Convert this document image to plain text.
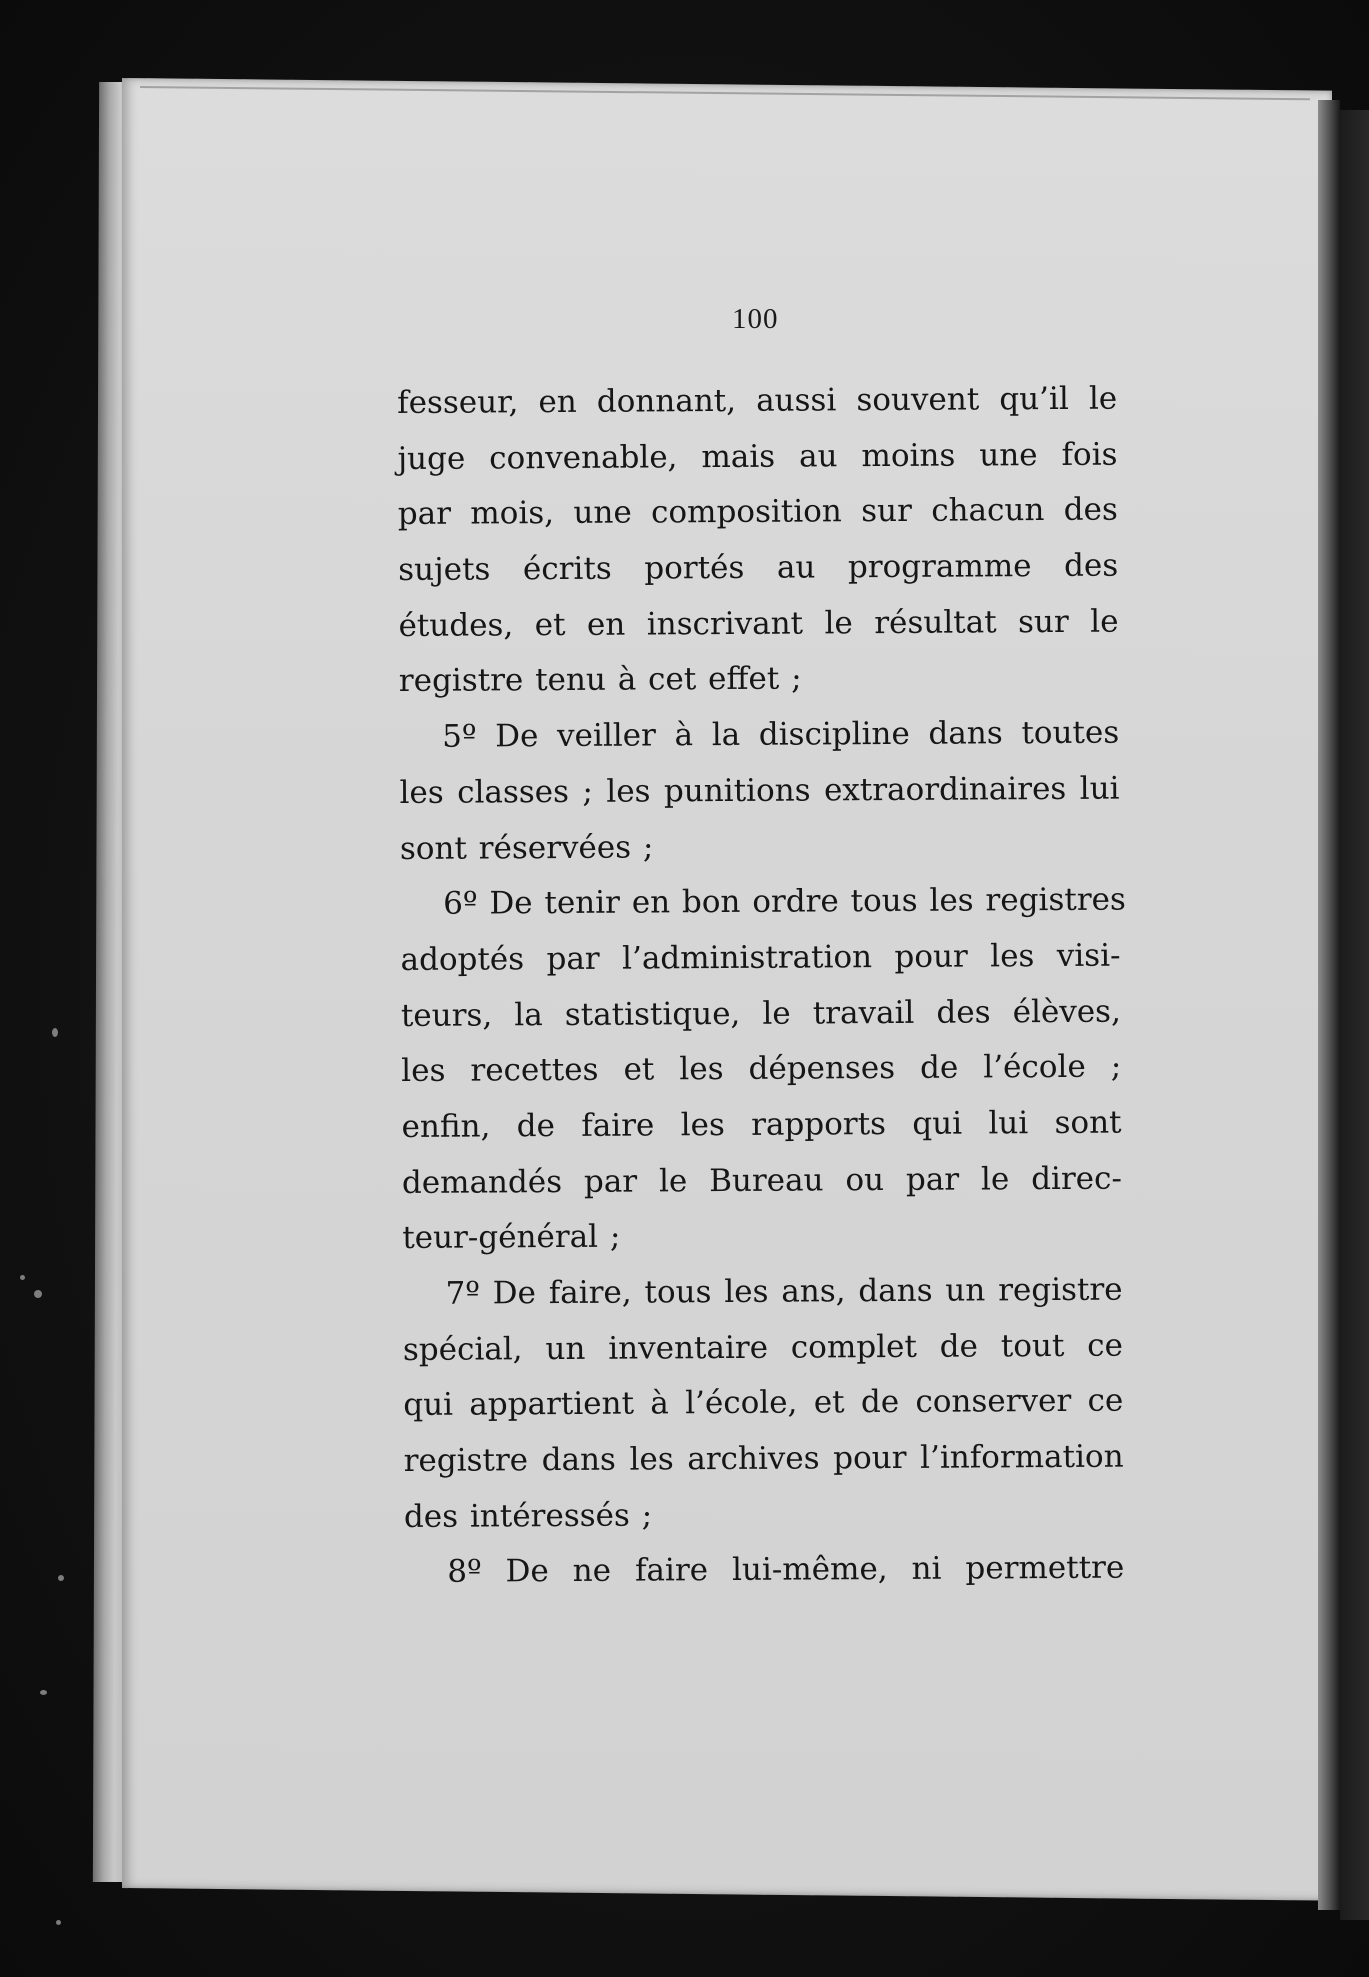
100
fesseur, en donnant, aussi souvent qu’il le
juge convenable, mais au moins une fois
par mois, une composition sur chacun des
sujets écrits portés au programme des
études, et en inscrivant le résultat sur le
registre tenu à cet effet ;
5º De veiller à la discipline dans toutes
les classes ; les punitions extraordinaires lui
sont réservées ;
6º De tenir en bon ordre tous les registres
adoptés par l’administration pour les visi-
teurs, la statistique, le travail des élèves,
les recettes et les dépenses de l’école ;
enfin, de faire les rapports qui lui sont
demandés par le Bureau ou par le direc-
teur-général ;
7º De faire, tous les ans, dans un registre
spécial, un inventaire complet de tout ce
qui appartient à l’école, et de conserver ce
registre dans les archives pour l’information
des intéressés ;
8º De ne faire lui-même, ni permettre
